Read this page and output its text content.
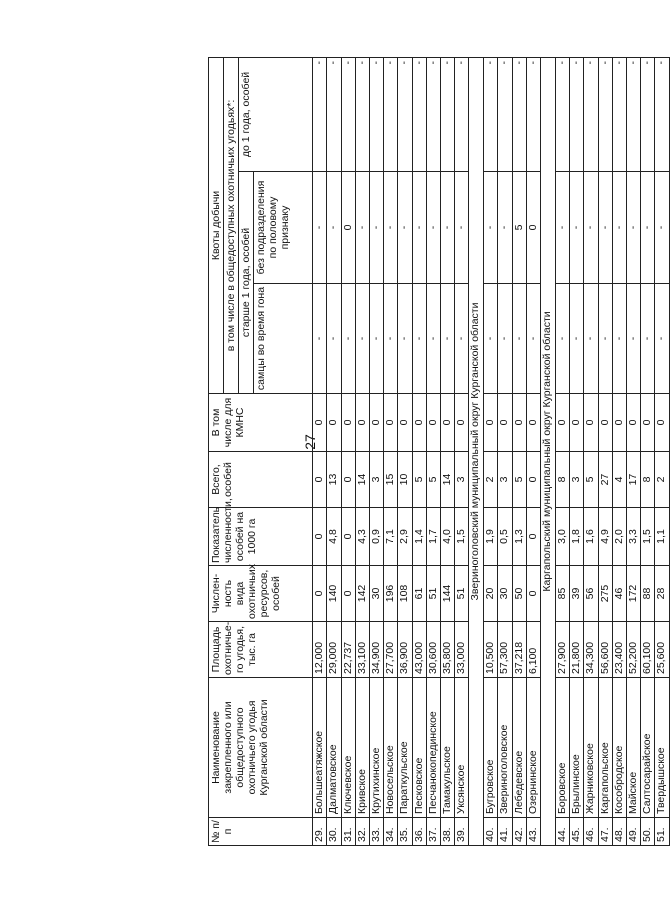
27
№ п/п	Наименование закрепленного или общедоступного охотничьего угодья Курганской области	Площадь охотничье-го угодья, тыс. га	Числен-ность вида охотничьих ресурсов, особей	Показатель численности, особей на 1000 га	Всего, особей	В том числе для КМНС	Квоты добычи		
							в том числе в общедоступных охотничьих угодьях*:		
							старше 1 года, особей		до 1 года, особей
							самцы во время гона	без подразделения по половому признаку	
29.	Большеатяжское	12,000	0	0	0	0	-	-	-
30.	Далматовское	29,000	140	4,8	13	0	-	-	-
31.	Ключевское	22,737	0	0	0	0	-	0	-
32.	Кривское	33,100	142	4,3	14	0	-	-	-
33.	Крутихинское	34,900	30	0,9	3	0	-	-	-
34.	Новосельское	27,700	196	7,1	15	0	-	-	-
35.	Параткульское	36,900	108	2,9	10	0	-	-	-
36.	Песковское	43,000	61	1,4	5	0	-	-	-
37.	Песчанокопединское	30,600	51	1,7	5	0	-	-	-
38.	Тамакульское	35,800	144	4,0	14	0	-	-	-
39.	Уксянское	33,000	51	1,5	3	0	-	-	-
Звериноголовский муниципальный округ Курганской области									
40.	Бугровское	10,500	20	1,9	2	0	-	-	-
41.	Звериноголовское	57,300	30	0,5	3	0	-	-	-
42.	Лебедевское	37,218	50	1,3	5	0	-	5	-
43.	Озернинское	6,100	0	0	0	0	-	0	-
Каргапольский муниципальный округ Курганской области									
44.	Боровское	27,900	85	3,0	8	0	-	-	-
45.	Брылинское	21,800	39	1,8	3	0	-	-	-
46.	Жарниковское	34,300	56	1,6	5	0	-	-	-
47.	Каргапольское	56,600	275	4,9	27	0	-	-	-
48.	Кособродское	23,400	46	2,0	4	0	-	-	-
49.	Майское	52,200	172	3,3	17	0	-	-	-
50.	Салтосарайское	60,100	88	1,5	8	0	-	-	-
51.	Твердышское	25,600	28	1,1	2	0	-	-	-
